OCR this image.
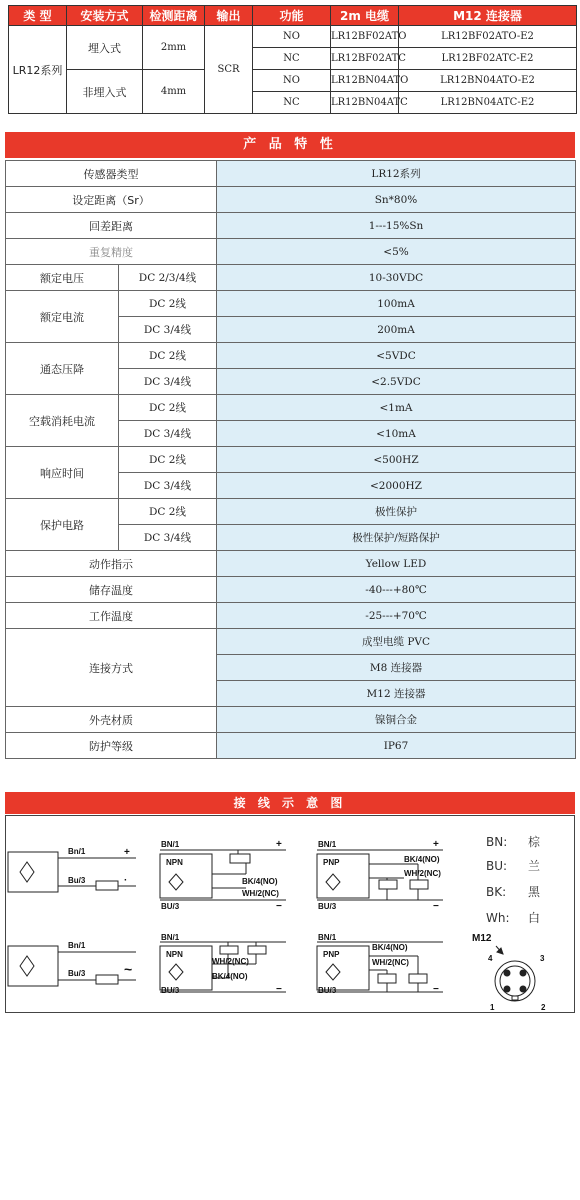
类 型	安装方式	检测距离	输出	功能	2m 电缆	M12 连接器
LR12系列	埋入式	2mm	SCR	NO	LR12BF02ATO	LR12BF02ATO-E2
				NC	LR12BF02ATC	LR12BF02ATC-E2
	非埋入式	4mm		NO	LR12BN04ATO	LR12BN04ATO-E2
				NC	LR12BN04ATC	LR12BN04ATC-E2
产 品 特 性
传感器类型		LR12系列
设定距离（Sr）		Sn*80%
回差距离		1---15%Sn
重复精度		<5%
额定电压	DC 2/3/4线	10-30VDC
额定电流	DC 2线	100mA
	DC 3/4线	200mA
通态压降	DC 2线	<5VDC
	DC 3/4线	<2.5VDC
空载消耗电流	DC 2线	<1mA
	DC 3/4线	<10mA
响应时间	DC 2线	<500HZ
	DC 3/4线	<2000HZ
保护电路	DC 2线	极性保护
	DC 3/4线	极性保护/短路保护
动作指示		Yellow LED
储存温度		-40---+80℃
工作温度		-25---+70℃
连接方式		成型电缆 PVC
		M8 连接器
		M12 连接器
外壳材质		镍铜合金
防护等级		IP67
接 线 示 意 图
Bn/1
Bu/3
+
·
Bn/1
Bu/3	~
BN/1
NPN
BU/3
BK/4(NO)
WH/2(NC)
+
−
BN/1
NPN
BU/3
WH/2(NC)
BK/4(NO)
−
BN/1
PNP
BU/3
BK/4(NO)
WH/2(NC)
+
−
BN/1
PNP
BU/3
BK/4(NO)
WH/2(NC)
−
BN: 棕
BU: 兰
BK: 黑
Wh: 白
M12
4	3
1	2
